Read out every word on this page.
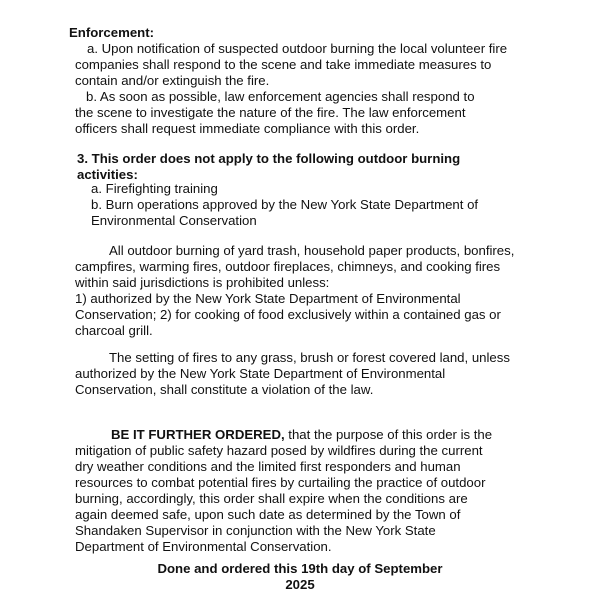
Enforcement:
a. Upon notification of suspected outdoor burning the local volunteer fire
companies shall respond to the scene and take immediate measures to
contain and/or extinguish the fire.
b. As soon as possible, law enforcement agencies shall respond to
the scene to investigate the nature of the fire. The law enforcement
officers shall request immediate compliance with this order.
3. This order does not apply to the following outdoor burning
activities:
a. Firefighting training
b. Burn operations approved by the New York State Department of
Environmental Conservation
All outdoor burning of yard trash, household paper products, bonfires,
campfires, warming fires, outdoor fireplaces, chimneys, and cooking fires
within said jurisdictions is prohibited unless:
1) authorized by the New York State Department of Environmental
Conservation; 2) for cooking of food exclusively within a contained gas or
charcoal grill.
The setting of fires to any grass, brush or forest covered land, unless
authorized by the New York State Department of Environmental
Conservation, shall constitute a violation of the law.
BE IT FURTHER ORDERED, that the purpose of this order is the
mitigation of public safety hazard posed by wildfires during the current
dry weather conditions and the limited first responders and human
resources to combat potential fires by curtailing the practice of outdoor
burning, accordingly, this order shall expire when the conditions are
again deemed safe, upon such date as determined by the Town of
Shandaken Supervisor in conjunction with the New York State
Department of Environmental Conservation.
Done and ordered this 19th day of September
2025
